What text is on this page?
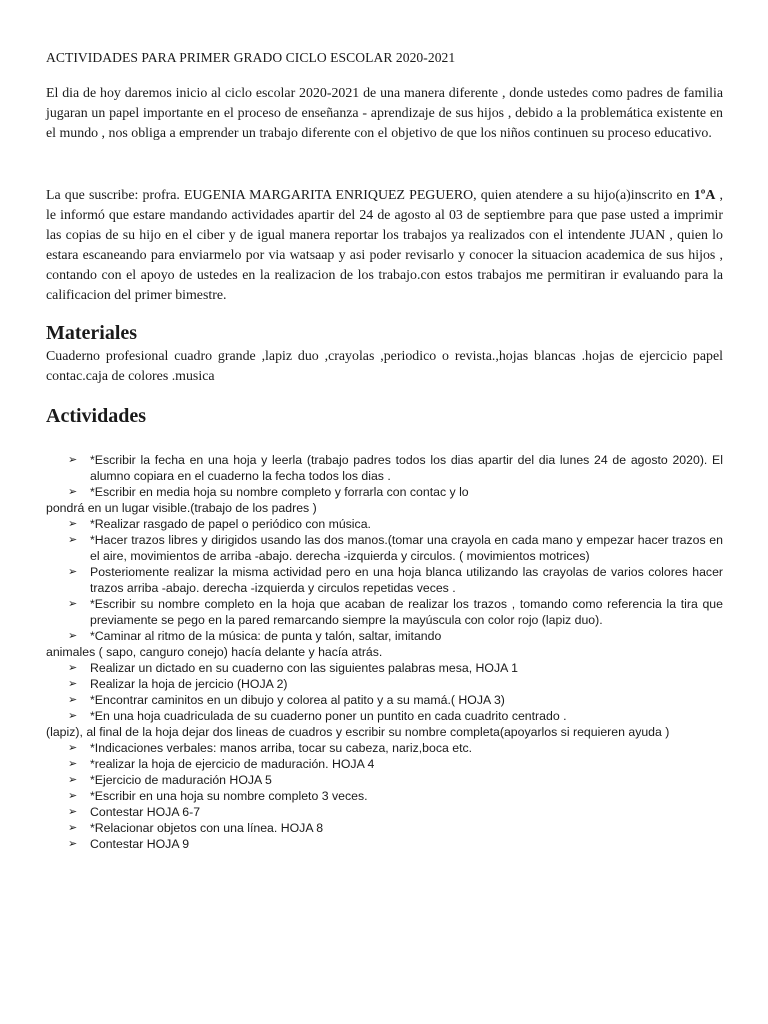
ACTIVIDADES PARA PRIMER GRADO CICLO ESCOLAR 2020-2021
El dia de hoy daremos inicio al ciclo escolar 2020-2021 de una manera diferente , donde ustedes como padres de familia jugaran un papel importante en el proceso de enseñanza - aprendizaje de sus hijos , debido a la problemática existente en el mundo , nos obliga a emprender un trabajo diferente con el objetivo de que los niños continuen su proceso educativo.
La que suscribe: profra. EUGENIA MARGARITA ENRIQUEZ PEGUERO, quien atendere a su hijo(a)inscrito en 1ºA , le informó que estare mandando actividades apartir del 24 de agosto al 03 de septiembre para que pase usted a imprimir las copias de su hijo en el ciber y de igual manera reportar los trabajos ya realizados con el intendente JUAN , quien lo estara escaneando para enviarmelo por via watsaap y asi poder revisarlo y conocer la situacion academica de sus hijos , contando con el apoyo de ustedes en la realizacion de los trabajo.con estos trabajos me permitiran ir evaluando para la calificacion del primer bimestre.
Materiales
Cuaderno profesional cuadro grande ,lapiz duo ,crayolas ,periodico o revista.,hojas blancas .hojas de ejercicio papel contac.caja de colores .musica
Actividades
➢ *Escribir la fecha en una hoja y leerla (trabajo padres todos los dias apartir del dia lunes 24 de agosto 2020). El alumno copiara en el cuaderno la fecha todos los dias .
➢ *Escribir en media hoja su nombre completo y forrarla con contac y lo
pondrá en un lugar visible.(trabajo de los padres )
➢ *Realizar rasgado de papel o periódico con música.
➢ *Hacer trazos libres y dirigidos usando las dos manos.(tomar una crayola en cada mano y empezar hacer trazos en el aire, movimientos de arriba -abajo. derecha -izquierda y circulos. ( movimientos motrices)
➢ Posteriomente realizar la misma actividad pero en una hoja blanca utilizando las crayolas de varios colores hacer trazos arriba -abajo. derecha -izquierda y circulos repetidas veces .
➢ *Escribir su nombre completo en la hoja que acaban de realizar los trazos , tomando como referencia la tira que previamente se pego en la pared remarcando siempre la mayúscula con color rojo (lapiz duo).
➢ *Caminar al ritmo de la música: de punta y talón, saltar, imitando
animales ( sapo, canguro conejo) hacía delante y hacía atrás.
➢ Realizar un dictado en su cuaderno con las siguientes palabras mesa, HOJA 1
➢ Realizar la hoja de jercicio (HOJA 2)
➢ *Encontrar caminitos en un dibujo y colorea al patito y a su mamá.( HOJA 3)
➢ *En una hoja cuadriculada de su cuaderno poner un puntito en cada cuadrito centrado .
(lapiz), al final de la hoja dejar dos lineas de cuadros y escribir su nombre completa(apoyarlos si requieren ayuda )
➢ *Indicaciones verbales: manos arriba, tocar su cabeza, nariz,boca etc.
➢ *realizar la hoja de ejercicio de maduración. HOJA 4
➢ *Ejercicio de maduración HOJA 5
➢ *Escribir en una hoja su nombre completo 3 veces.
➢ Contestar HOJA 6-7
➢ *Relacionar objetos con una línea. HOJA 8
➢ Contestar HOJA 9
